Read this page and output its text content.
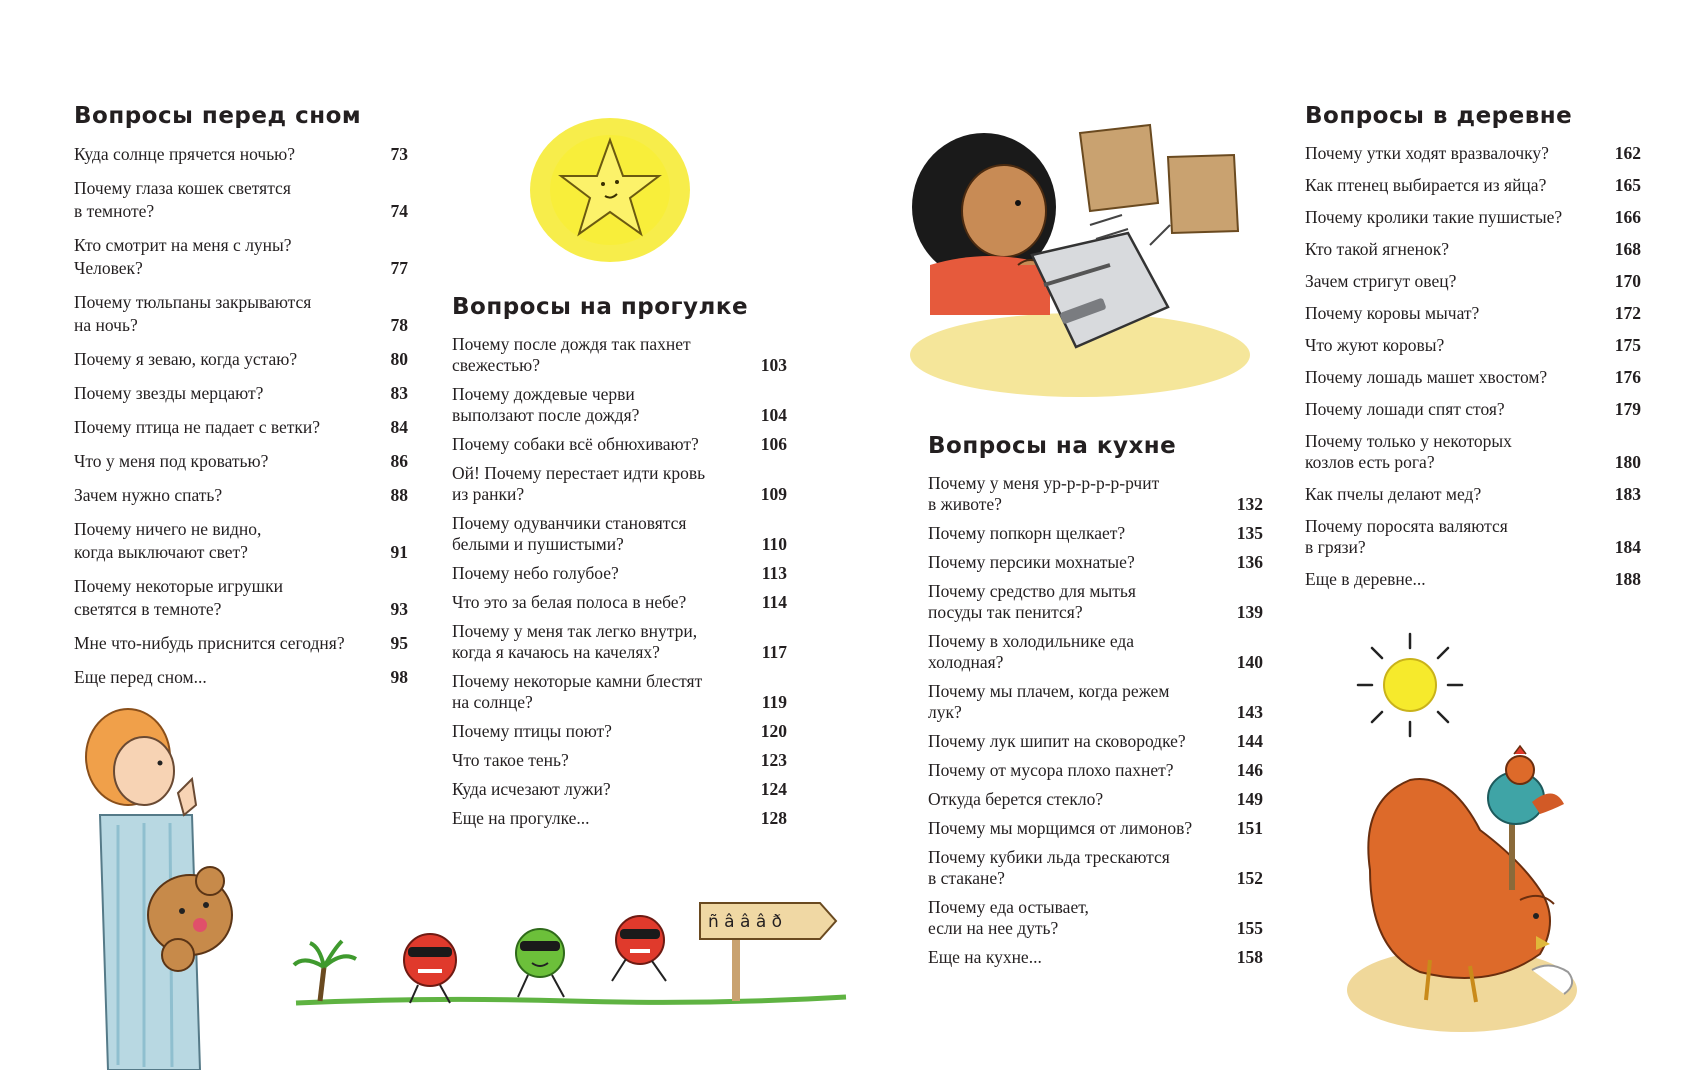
Вопросы перед сном
Куда солнце прячется ночью?	73
Почему глаза кошек светятся
в темноте?	74
Кто смотрит на меня с луны?
Человек?	77
Почему тюльпаны закрываются
на ночь?	78
Почему я зеваю, когда устаю?	80
Почему звезды мерцают?	83
Почему птица не падает с ветки?	84
Что у меня под кроватью?	86
Зачем нужно спать?	88
Почему ничего не видно,
когда выключают свет?	91
Почему некоторые игрушки
светятся в темноте?	93
Мне что-нибудь приснится сегодня?	95
Еще перед сном...	98
Вопросы на прогулке
Почему после дождя так пахнет
свежестью?	103
Почему дождевые черви
выползают после дождя?	104
Почему собаки всё обнюхивают?	106
Ой! Почему перестает идти кровь
из ранки?	109
Почему одуванчики становятся
белыми и пушистыми?	110
Почему небо голубое?	113
Что это за белая полоса в небе?	114
Почему у меня так легко внутри,
когда я качаюсь на качелях?	117
Почему некоторые камни блестят
на солнце?	119
Почему птицы поют?	120
Что такое тень?	123
Куда исчезают лужи?	124
Еще на прогулке...	128
Вопросы на кухне
Почему у меня ур-р-р-р-р-рчит
в животе?	132
Почему попкорн щелкает?	135
Почему персики мохнатые?	136
Почему средство для мытья
посуды так пенится?	139
Почему в холодильнике еда
холодная?	140
Почему мы плачем, когда режем
лук?	143
Почему лук шипит на сковородке?	144
Почему от мусора плохо пахнет?	146
Откуда берется стекло?	149
Почему мы морщимся от лимонов?	151
Почему кубики льда трескаются
в стакане?	152
Почему еда остывает,
если на нее дуть?	155
Еще на кухне...	158
Вопросы в деревне
Почему утки ходят вразвалочку?	162
Как птенец выбирается из яйца?	165
Почему кролики такие пушистые?	166
Кто такой ягненок?	168
Зачем стригут овец?	170
Почему коровы мычат?	172
Что жуют коровы?	175
Почему лошадь машет хвостом?	176
Почему лошади спят стоя?	179
Почему только у некоторых
козлов есть рога?	180
Как пчелы делают мед?	183
Почему поросята валяются
в грязи?	184
Еще в деревне...	188
ñ â â â ð
